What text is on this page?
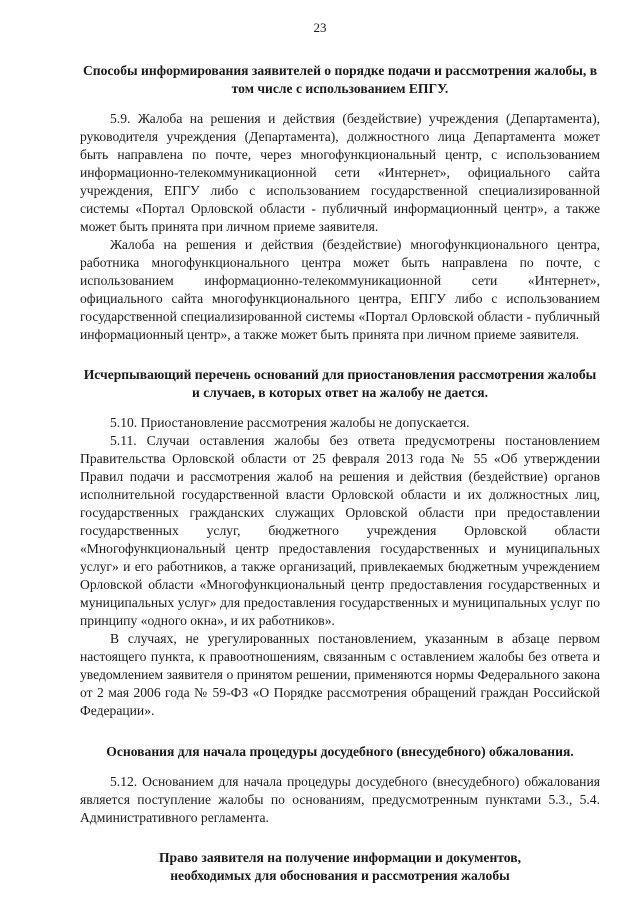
23
Способы информирования заявителей о порядке подачи и рассмотрения жалобы, в том числе с использованием ЕПГУ.

5.9. Жалоба на решения и действия (бездействие) учреждения (Департамента), руководителя учреждения (Департамента), должностного лица Департамента может быть направлена по почте, через многофункциональный центр, с использованием информационно-телекоммуникационной сети «Интернет», официального сайта учреждения, ЕПГУ либо с использованием государственной специализированной системы «Портал Орловской области - публичный информационный центр», а также может быть принята при личном приеме заявителя.

Жалоба на решения и действия (бездействие) многофункционального центра, работника многофункционального центра может быть направлена по почте, с использованием информационно-телекоммуникационной сети «Интернет», официального сайта многофункционального центра, ЕПГУ либо с использованием государственной специализированной системы «Портал Орловской области - публичный информационный центр», а также может быть принята при личном приеме заявителя.

Исчерпывающий перечень оснований для приостановления рассмотрения жалобы и случаев, в которых ответ на жалобу не дается.

5.10. Приостановление рассмотрения жалобы не допускается.

5.11. Случаи оставления жалобы без ответа предусмотрены постановлением Правительства Орловской области от 25 февраля 2013 года № 55 «Об утверждении Правил подачи и рассмотрения жалоб на решения и действия (бездействие) органов исполнительной государственной власти Орловской области и их должностных лиц, государственных гражданских служащих Орловской области при предоставлении государственных услуг, бюджетного учреждения Орловской области «Многофункциональный центр предоставления государственных и муниципальных услуг» и его работников, а также организаций, привлекаемых бюджетным учреждением Орловской области «Многофункциональный центр предоставления государственных и муниципальных услуг» для предоставления государственных и муниципальных услуг по принципу «одного окна», и их работников».

В случаях, не урегулированных постановлением, указанным в абзаце первом настоящего пункта, к правоотношениям, связанным с оставлением жалобы без ответа и уведомлением заявителя о принятом решении, применяются нормы Федерального закона от 2 мая 2006 года № 59-ФЗ «О Порядке рассмотрения обращений граждан Российской Федерации».

Основания для начала процедуры досудебного (внесудебного) обжалования.

5.12. Основанием для начала процедуры досудебного (внесудебного) обжалования является поступление жалобы по основаниям, предусмотренным пунктами 5.3., 5.4. Административного регламента.

Право заявителя на получение информации и документов,
необходимых для обоснования и рассмотрения жалобы
